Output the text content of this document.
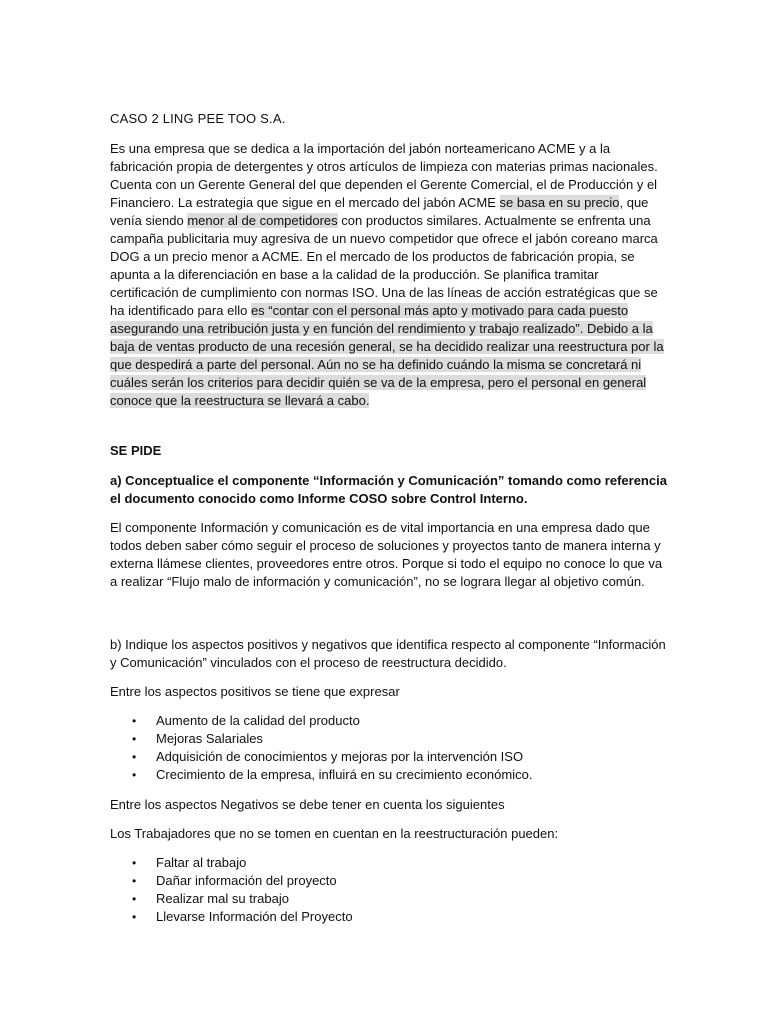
CASO 2 LING PEE TOO S.A.

Es una empresa que se dedica a la importación del jabón norteamericano ACME y a la fabricación propia de detergentes y otros artículos de limpieza con materias primas nacionales. Cuenta con un Gerente General del que dependen el Gerente Comercial, el de Producción y el Financiero. La estrategia que sigue en el mercado del jabón ACME se basa en su precio, que venía siendo menor al de competidores con productos similares. Actualmente se enfrenta una campaña publicitaria muy agresiva de un nuevo competidor que ofrece el jabón coreano marca DOG a un precio menor a ACME. En el mercado de los productos de fabricación propia, se apunta a la diferenciación en base a la calidad de la producción. Se planifica tramitar certificación de cumplimiento con normas ISO. Una de las líneas de acción estratégicas que se ha identificado para ello es “contar con el personal más apto y motivado para cada puesto asegurando una retribución justa y en función del rendimiento y trabajo realizado”. Debido a la baja de ventas producto de una recesión general, se ha decidido realizar una reestructura por la que despedirá a parte del personal. Aún no se ha definido cuándo la misma se concretará ni cuáles serán los criterios para decidir quién se va de la empresa, pero el personal en general conoce que la reestructura se llevará a cabo.

SE PIDE

a) Conceptualice el componente “Información y Comunicación” tomando como referencia el documento conocido como Informe COSO sobre Control Interno.

El componente Información y comunicación es de vital importancia en una empresa dado que todos deben saber cómo seguir el proceso de soluciones y proyectos tanto de manera interna y externa llámese clientes, proveedores entre otros. Porque si todo el equipo no conoce lo que va a realizar “Flujo malo de información y comunicación”, no se lograra llegar al objetivo común.

b) Indique los aspectos positivos y negativos que identifica respecto al componente “Información y Comunicación” vinculados con el proceso de reestructura decidido.

Entre los aspectos positivos se tiene que expresar

• Aumento de la calidad del producto
• Mejoras Salariales
• Adquisición de conocimientos y mejoras por la intervención ISO
• Crecimiento de la empresa, influirá en su crecimiento económico.

Entre los aspectos Negativos se debe tener en cuenta los siguientes

Los Trabajadores que no se tomen en cuentan en la reestructuración pueden:

• Faltar al trabajo
• Dañar información del proyecto
• Realizar mal su trabajo
• Llevarse Información del Proyecto
